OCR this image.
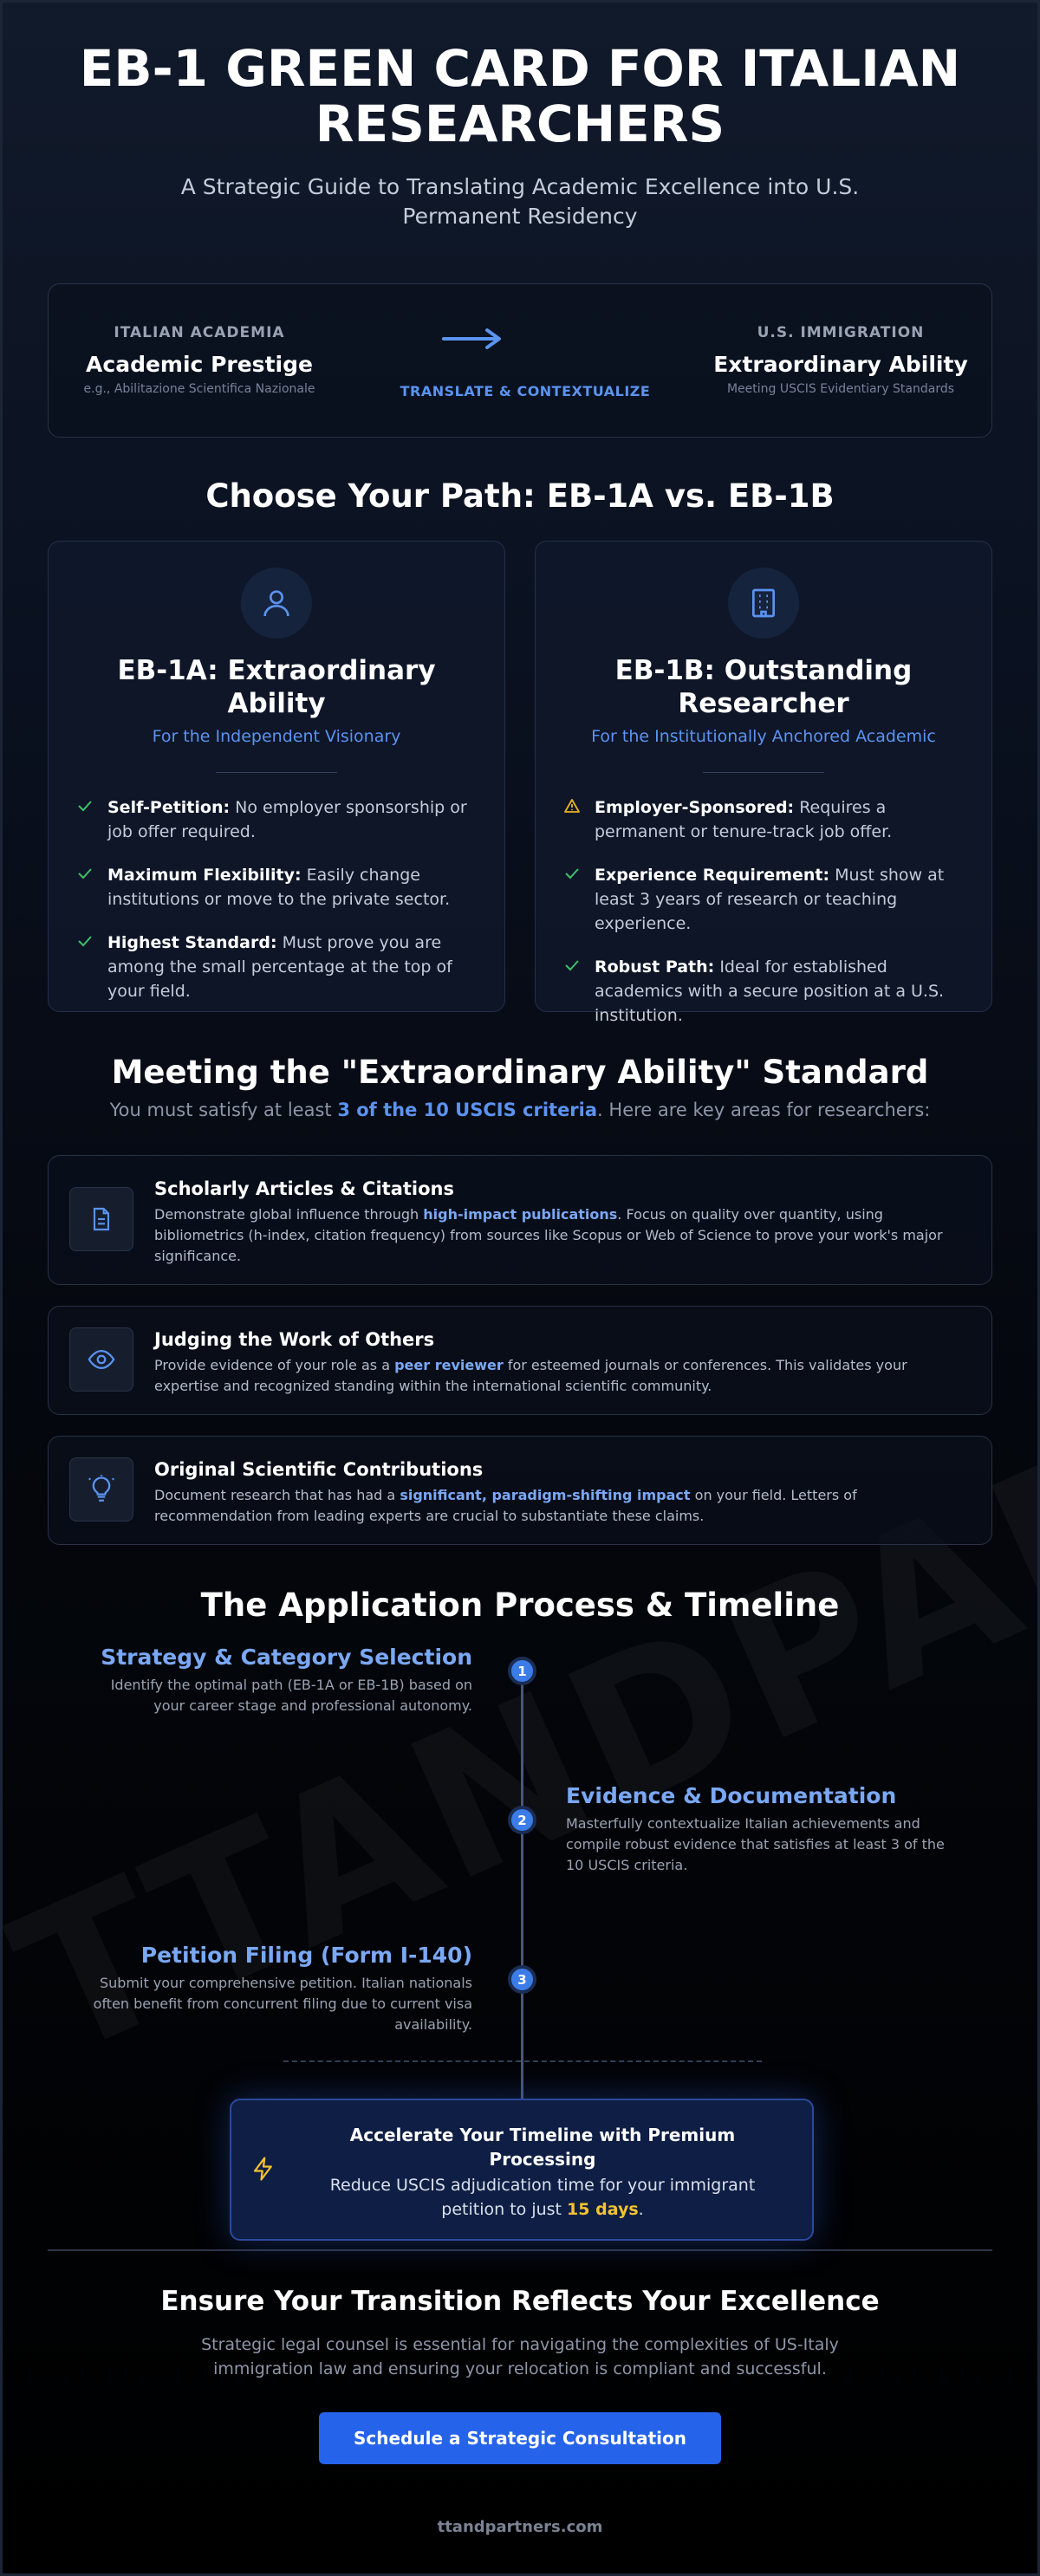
EB-1 GREEN CARD FOR ITALIAN RESEARCHERS

A Strategic Guide to Translating Academic Excellence into U.S. Permanent Residency

ITALIAN ACADEMIA
Academic Prestige
e.g., Abilitazione Scientifica Nazionale	TRANSLATE & CONTEXTUALIZE
U.S. IMMIGRATION
Extraordinary Ability
Meeting USCIS Evidentiary Standards
Choose Your Path: EB-1A vs. EB-1B
EB-1A: Extraordinary Ability
For the Independent Visionary
Self-Petition: No employer sponsorship or job offer required.
Maximum Flexibility: Easily change institutions or move to the private sector.
Highest Standard: Must prove you are among the small percentage at the top of your field.
EB-1B: Outstanding Researcher
For the Institutionally Anchored Academic
Employer-Sponsored: Requires a permanent or tenure-track job offer.
Experience Requirement: Must show at least 3 years of research or teaching experience.
Robust Path: Ideal for established academics with a secure position at a U.S. institution.
Meeting the "Extraordinary Ability" Standard

You must satisfy at least 3 of the 10 USCIS criteria. Here are key areas for researchers:

Scholarly Articles & Citations

Demonstrate global influence through high-impact publications. Focus on quality over quantity, using bibliometrics (h-index, citation frequency) from sources like Scopus or Web of Science to prove your work's major significance.

Judging the Work of Others

Provide evidence of your role as a peer reviewer for esteemed journals or conferences. This validates your expertise and recognized standing within the international scientific community.

Original Scientific Contributions

Document research that has had a significant, paradigm-shifting impact on your field. Letters of recommendation from leading experts are crucial to substantiate these claims.

The Application Process & Timeline
Strategy & Category Selection

Identify the optimal path (EB-1A or EB-1B) based on your career stage and professional autonomy.

1
Evidence & Documentation

Masterfully contextualize Italian achievements and compile robust evidence that satisfies at least 3 of the 10 USCIS criteria.

2
Petition Filing (Form I-140)

Submit your comprehensive petition. Italian nationals often benefit from concurrent filing due to current visa availability.

3
Accelerate Your Timeline with Premium Processing

Reduce USCIS adjudication time for your immigrant petition to just 15 days.

Ensure Your Transition Reflects Your Excellence

Strategic legal counsel is essential for navigating the complexities of US-Italy immigration law and ensuring your relocation is compliant and successful.

Schedule a Strategic Consultation
ttandpartners.com
